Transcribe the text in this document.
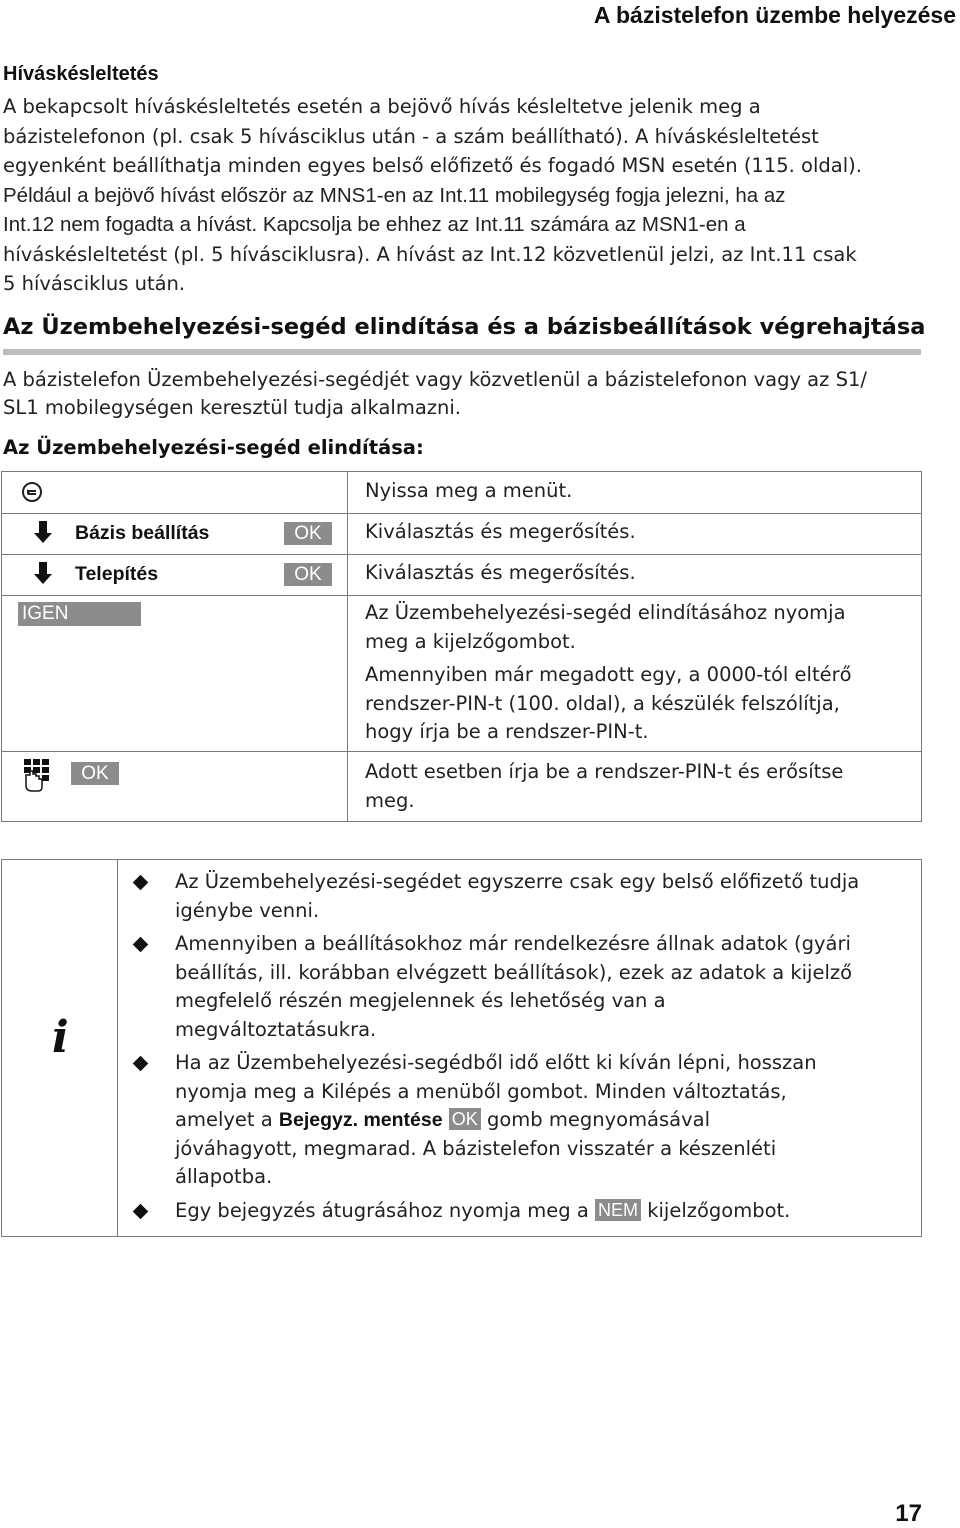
A bázistelefon üzembe helyezése
Híváskésleltetés
A bekapcsolt híváskésleltetés esetén a bejövő hívás késleltetve jelenik meg a
bázistelefonon (pl. csak 5 hívásciklus után - a szám beállítható). A híváskésleltetést
egyenként beállíthatja minden egyes belső előfizető és fogadó MSN esetén (115. oldal).
Például a bejövő hívást először az MNS1-en az Int.11 mobilegység fogja jelezni, ha az
Int.12 nem fogadta a hívást. Kapcsolja be ehhez az Int.11 számára az MSN1-en a
híváskésleltetést (pl. 5 hívásciklusra). A hívást az Int.12 közvetlenül jelzi, az Int.11 csak
5 hívásciklus után.
Az Üzembehelyezési-segéd elindítása és a bázisbeállítások végrehajtása
A bázistelefon Üzembehelyezési-segédjét vagy közvetlenül a bázistelefonon vagy az S1/
SL1 mobilegységen keresztül tudja alkalmazni.
Az Üzembehelyezési-segéd elindítása:
Nyissa meg a menüt.
Bázis beállítás	OK	Kiválasztás és megerősítés.
Telepítés	OK	Kiválasztás és megerősítés.
IGEN	Az Üzembehelyezési-segéd elindításához nyomja
meg a kijelzőgombot.
Amennyiben már megadott egy, a 0000-tól eltérő
rendszer-PIN-t (100. oldal), a készülék felszólítja,
hogy írja be a rendszer-PIN-t.
OK	Adott esetben írja be a rendszer-PIN-t és erősítse
meg.
i
Az Üzembehelyezési-segédet egyszerre csak egy belső előfizető tudja
igénybe venni.
Amennyiben a beállításokhoz már rendelkezésre állnak adatok (gyári
beállítás, ill. korábban elvégzett beállítások), ezek az adatok a kijelző
megfelelő részén megjelennek és lehetőség van a
megváltoztatásukra.
Ha az Üzembehelyezési-segédből idő előtt ki kíván lépni, hosszan
nyomja meg a Kilépés a menüből gombot. Minden változtatás,
amelyet a Bejegyz. mentése OK gomb megnyomásával
jóváhagyott, megmarad. A bázistelefon visszatér a készenléti
állapotba.
Egy bejegyzés átugrásához nyomja meg a NEM kijelzőgombot.
17
